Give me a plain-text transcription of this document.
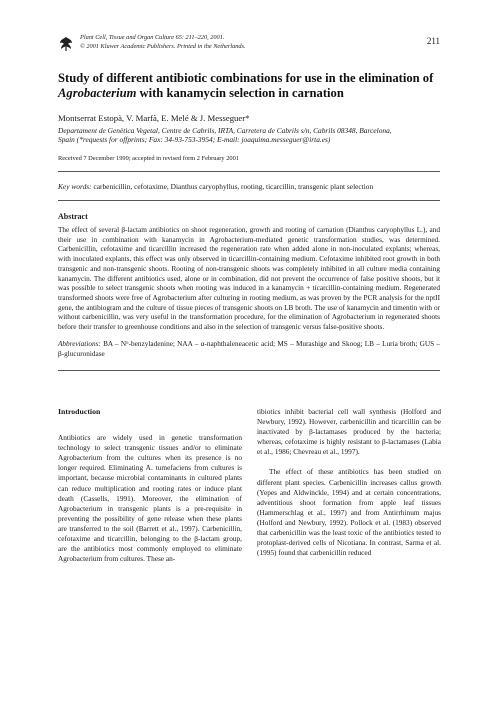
Plant Cell, Tissue and Organ Culture 65: 211–220, 2001.
© 2001 Kluwer Academic Publishers. Printed in the Netherlands.
211
Study of different antibiotic combinations for use in the elimination of
Agrobacterium with kanamycin selection in carnation
Montserrat Estopà, V. Marfà, E. Melé & J. Messeguer*
Departament de Genètica Vegetal, Centre de Cabrils, IRTA, Carretera de Cabrils s/n, Cabrils 08348, Barcelona,
Spain (*requests for offprints; Fax: 34-93-753-3954; E-mail: joaquima.messeguer@irta.es)
Received 7 December 1999; accepted in revised form 2 February 2001
Key words: carbenicillin, cefotaxime, Dianthus caryophyllus, rooting, ticarcillin, transgenic plant selection
Abstract
The effect of several β-lactam antibiotics on shoot regeneration, growth and rooting of carnation (Dianthus caryophyllus L.), and their use in combination with kanamycin in Agrobacterium-mediated genetic transformation studies, was determined. Carbenicillin, cefotaxime and ticarcillin increased the regeneration rate when added alone in non-inoculated explants; whereas, with inoculated explants, this effect was only observed in ticarcillin-containing medium. Cefotaxime inhibited root growth in both transgenic and non-transgenic shoots. Rooting of non-transgenic shoots was completely inhibited in all culture media containing kanamycin. The different antibiotics used, alone or in combination, did not prevent the occurrence of false positive shoots, but it was possible to select transgenic shoots when rooting was induced in a kanamycin + ticarcillin-containing medium. Regenerated transformed shoots were free of Agrobacterium after culturing in rooting medium, as was proven by the PCR analysis for the nptII gene, the antibiogram and the culture of tissue pieces of transgenic shoots on LB broth. The use of kanamycin and timentin with or without carbenicillin, was very useful in the transformation procedure, for the elimination of Agrobacterium in regenerated shoots before their transfer to greenhouse conditions and also in the selection of transgenic versus false-positive shoots.
Abbreviations: BA – N⁶-benzyladenine; NAA – α-naphthaleneacetic acid; MS – Murashige and Skoog; LB – Luria broth; GUS – β-glucuronidase
Introduction

Antibiotics are widely used in genetic transformation technology to select transgenic tissues and/or to eliminate Agrobacterium from the cultures when its presence is no longer required. Eliminating A. tumefaciens from cultures is important, because microbial contaminants in cultured plants can reduce multiplication and rooting rates or induce plant death (Cassells, 1991). Moreover, the elimination of Agrobacterium in transgenic plants is a pre-requisite in preventing the possibility of gene release when these plants are transferred to the soil (Barrett et al., 1997). Carbenicillin, cefotaxime and ticarcillin, belonging to the β-lactam group, are the antibiotics most commonly employed to eliminate Agrobacterium from cultures. These an-

tibiotics inhibit bacterial cell wall synthesis (Holford and Newbury, 1992). However, carbenicillin and ticarcillin can be inactivated by β-lactamases produced by the bacteria; whereas, cefotaxime is highly resistant to β-lactamases (Labia et al., 1986; Chevreau et al., 1997).

The effect of these antibiotics has been studied on different plant species. Carbenicillin increases callus growth (Yepes and Aldwinckle, 1994) and at certain concentrations, adventitious shoot formation from apple leaf tissues (Hammerschlag et al., 1997) and from Antirrhinum majus (Holford and Newbury, 1992). Pollock et al. (1983) observed that carbenicillin was the least toxic of the antibiotics tested to protoplast-derived cells of Nicotiana. In contrast, Sarma et al. (1995) found that carbenicillin reduced
